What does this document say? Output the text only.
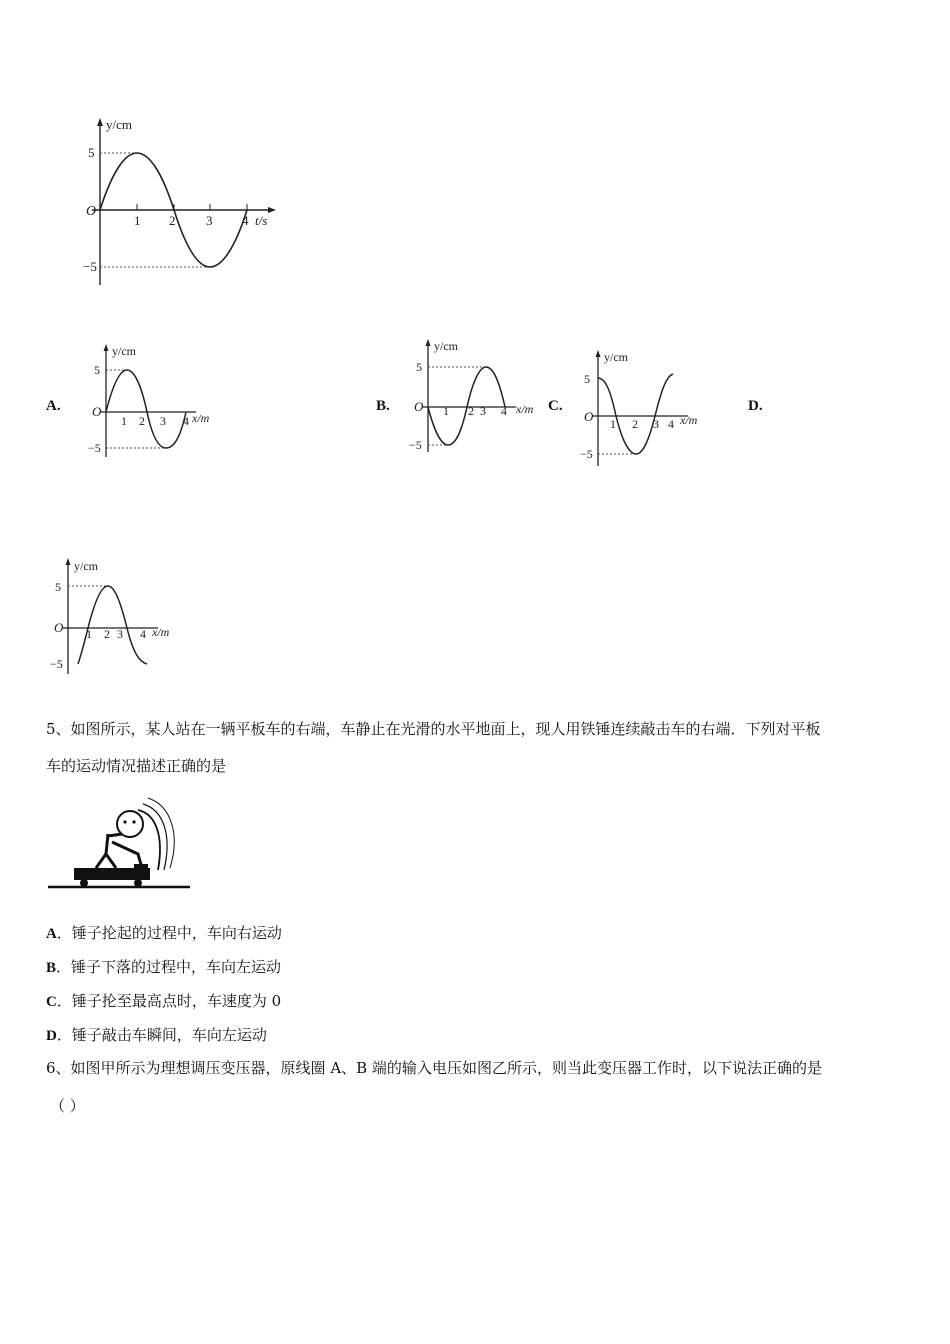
y/cm
5
−5
O
1 2 3 4 t/s
A.	B.	C.	D.
y/cm
5
−5
O
1 2 3 4 x/m
y/cm
5
−5
O 1 2 3 4 x/m
y/cm
5
−5
O 1 2 3 4 x/m
y/cm
5
−5
O 1 2 3 4 x/m
5、如图所示，某人站在一辆平板车的右端，车静止在光滑的水平地面上，现人用铁锤连续敲击车的右端．下列对平板
车的运动情况描述正确的是
A．锤子抡起的过程中，车向右运动
B．锤子下落的过程中，车向左运动
C．锤子抡至最高点时，车速度为 0
D．锤子敲击车瞬间，车向左运动
6、如图甲所示为理想调压变压器，原线圈 A、B 端的输入电压如图乙所示，则当此变压器工作时，以下说法正确的是
（ ）
